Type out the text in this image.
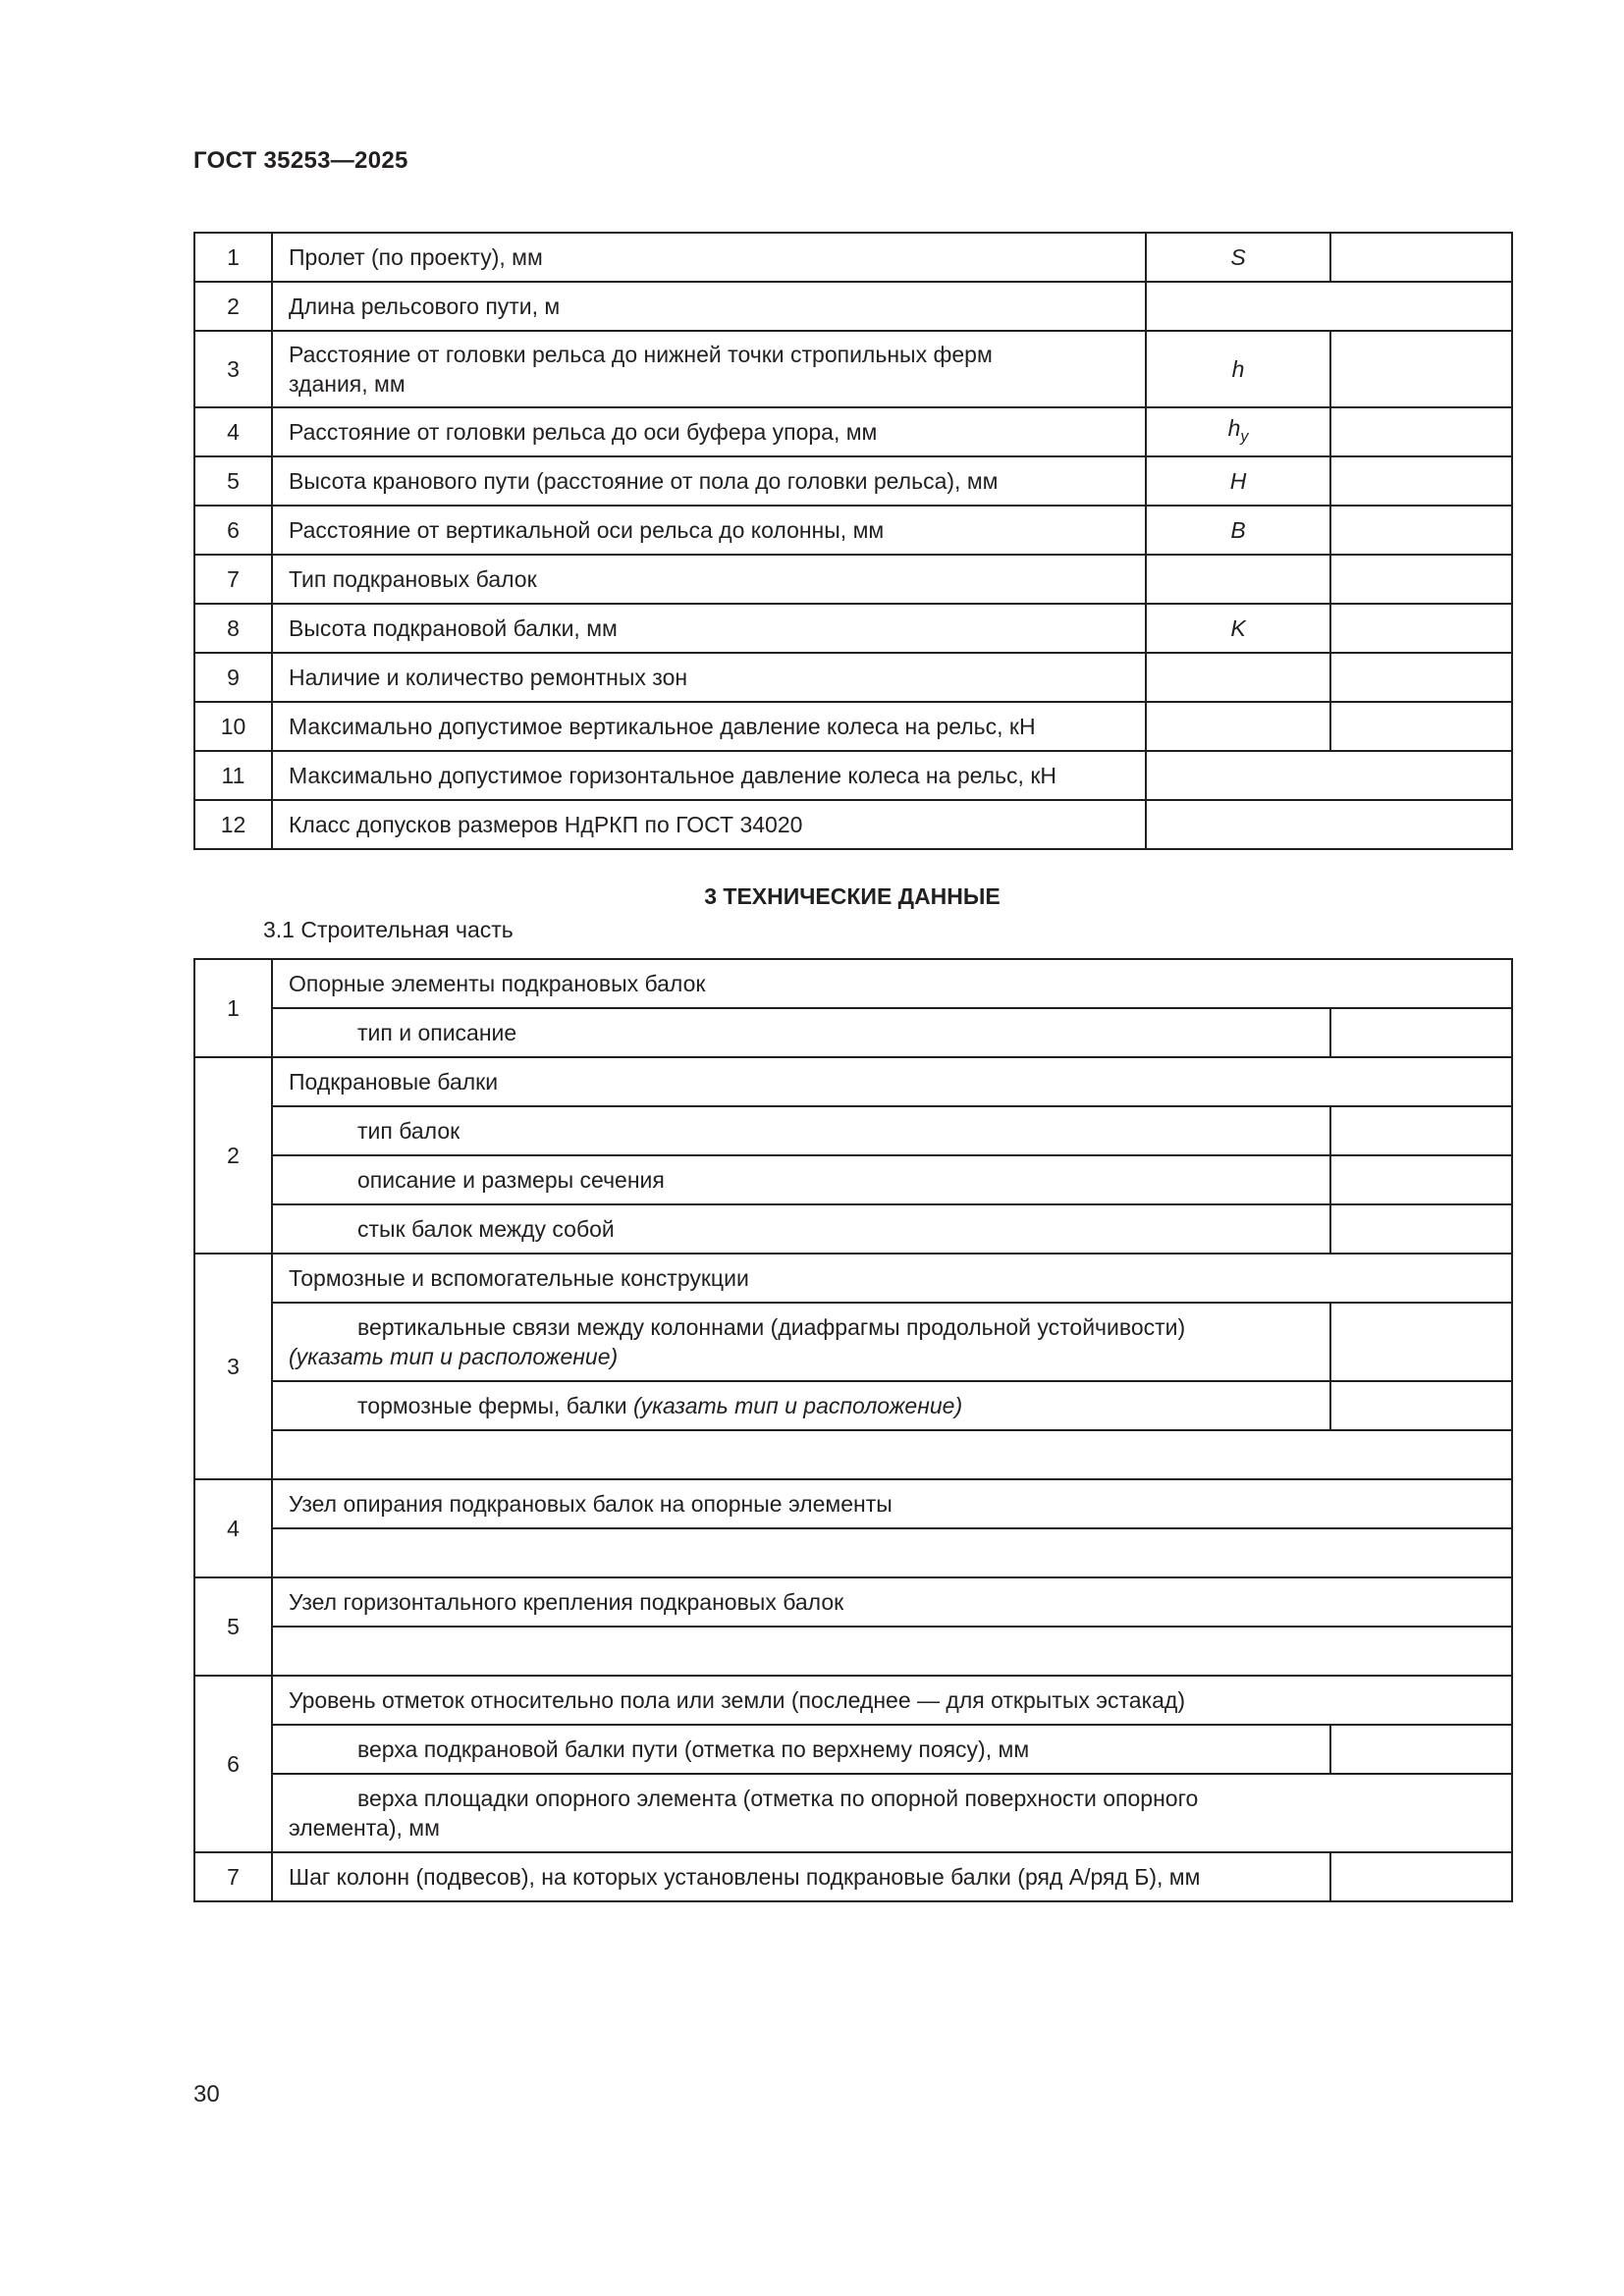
ГОСТ 35253—2025
1	Пролет (по проекту), мм	S	
2	Длина рельсового пути, м		
3	Расстояние от головки рельса до нижней точки стропильных ферм
здания, мм	h	
4	Расстояние от головки рельса до оси буфера упора, мм	$h_y$	
5	Высота кранового пути (расстояние от пола до головки рельса), мм	H	
6	Расстояние от вертикальной оси рельса до колонны, мм	B	
7	Тип подкрановых балок		
8	Высота подкрановой балки, мм	K	
9	Наличие и количество ремонтных зон		
10	Максимально допустимое вертикальное давление колеса на рельс, кН		
11	Максимально допустимое горизонтальное давление колеса на рельс, кН		
12	Класс допусков размеров НдРКП по ГОСТ 34020		
3 ТЕХНИЧЕСКИЕ ДАННЫЕ
3.1 Строительная часть
1	Опорные элементы подкрановых балок	
	тип и описание	
2	Подкрановые балки	
	тип балок	
	описание и размеры сечения	
	стык балок между собой	
3	Тормозные и вспомогательные конструкции	

	вертикальные связи между колоннами (диафрагмы продольной устойчивости)
(указать тип и расположение)	

	тормозные фермы, балки (указать тип и расположение)	

4	Узел опирания подкрановых балок на опорные элементы	

5	Узел горизонтального крепления подкрановых балок	

6	Уровень отметок относительно пола или земли (последнее — для открытых эстакад)	
	верха подкрановой балки пути (отметка по верхнему поясу), мм	

	верха площадки опорного элемента (отметка по опорной поверхности опорного
элемента), мм	

7	Шаг колонн (подвесов), на которых установлены подкрановые балки (ряд А/ряд Б), мм	
30
